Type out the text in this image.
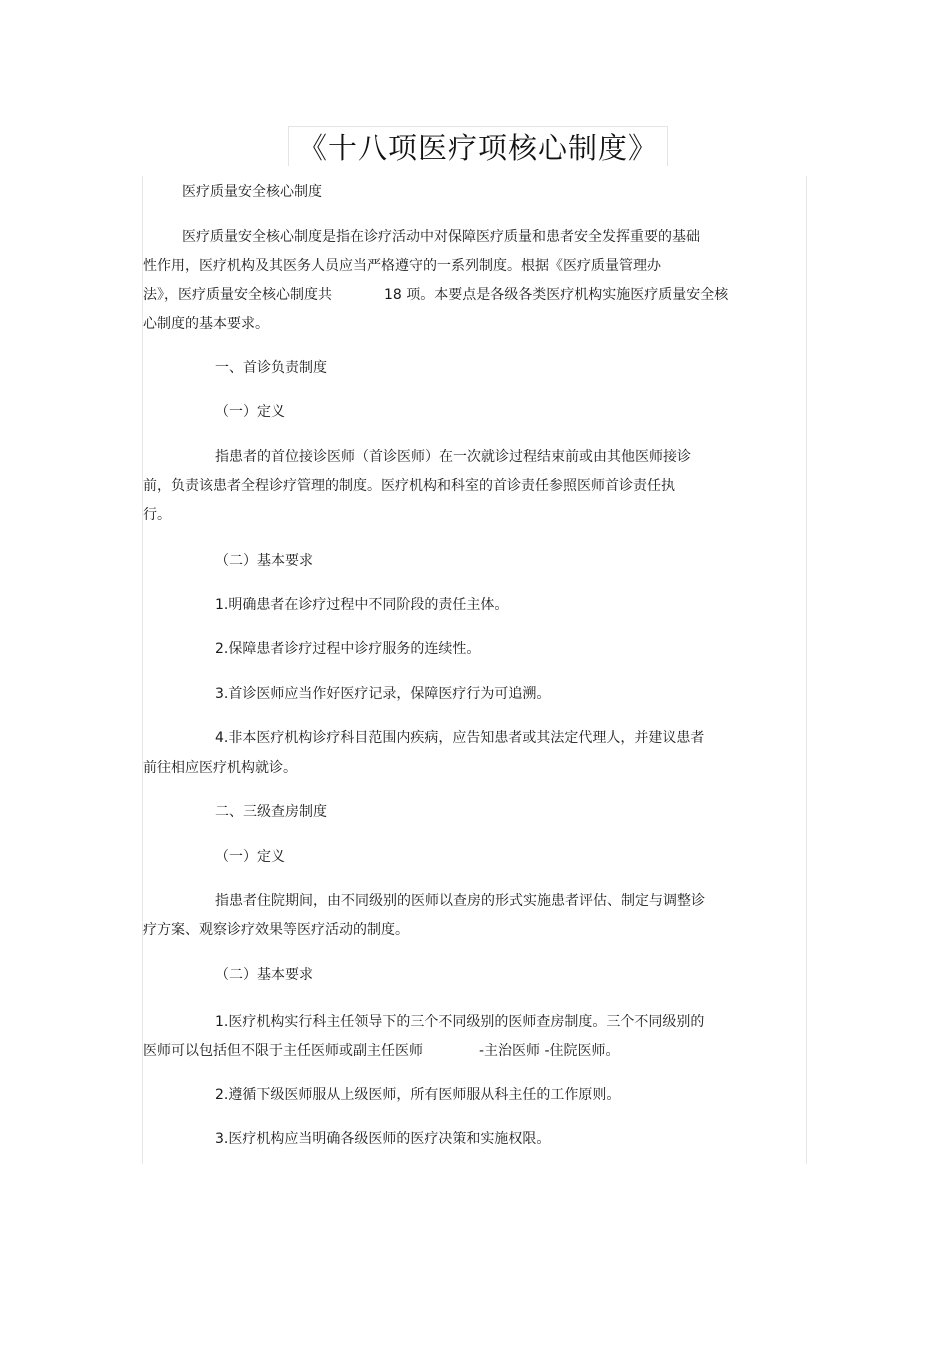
《十八项医疗项核心制度》
医疗质量安全核心制度
医疗质量安全核心制度是指在诊疗活动中对保障医疗质量和患者安全发挥重要的基础
性作用，医疗机构及其医务人员应当严格遵守的一系列制度。根据《医疗质量管理办
法》，医疗质量安全核心制度共	18 项。本要点是各级各类医疗机构实施医疗质量安全核
心制度的基本要求。
一、首诊负责制度
（一）定义
指患者的首位接诊医师（首诊医师）在一次就诊过程结束前或由其他医师接诊
前，负责该患者全程诊疗管理的制度。医疗机构和科室的首诊责任参照医师首诊责任执
行。
（二）基本要求
1.明确患者在诊疗过程中不同阶段的责任主体。
2.保障患者诊疗过程中诊疗服务的连续性。
3.首诊医师应当作好医疗记录，保障医疗行为可追溯。
4.非本医疗机构诊疗科目范围内疾病，应告知患者或其法定代理人，并建议患者
前往相应医疗机构就诊。
二、三级查房制度
（一）定义
指患者住院期间，由不同级别的医师以查房的形式实施患者评估、制定与调整诊
疗方案、观察诊疗效果等医疗活动的制度。
（二）基本要求
1.医疗机构实行科主任领导下的三个不同级别的医师查房制度。三个不同级别的
医师可以包括但不限于主任医师或副主任医师	-主治医师 -住院医师。
2.遵循下级医师服从上级医师，所有医师服从科主任的工作原则。
3.医疗机构应当明确各级医师的医疗决策和实施权限。
